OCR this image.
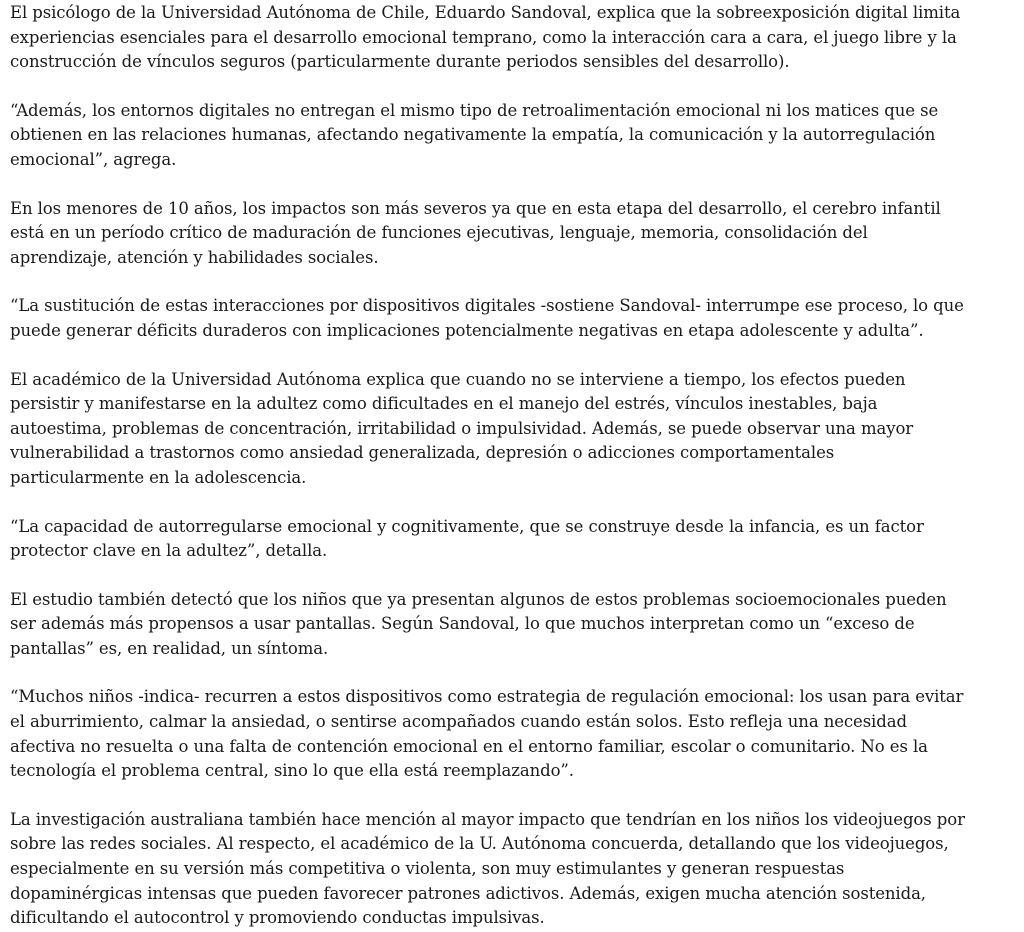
El psicólogo de la Universidad Autónoma de Chile, Eduardo Sandoval, explica que la sobreexposición digital limita
experiencias esenciales para el desarrollo emocional temprano, como la interacción cara a cara, el juego libre y la
construcción de vínculos seguros (particularmente durante periodos sensibles del desarrollo).

“Además, los entornos digitales no entregan el mismo tipo de retroalimentación emocional ni los matices que se
obtienen en las relaciones humanas, afectando negativamente la empatía, la comunicación y la autorregulación
emocional”, agrega.

En los menores de 10 años, los impactos son más severos ya que en esta etapa del desarrollo, el cerebro infantil
está en un período crítico de maduración de funciones ejecutivas, lenguaje, memoria, consolidación del
aprendizaje, atención y habilidades sociales.

“La sustitución de estas interacciones por dispositivos digitales -sostiene Sandoval- interrumpe ese proceso, lo que
puede generar déficits duraderos con implicaciones potencialmente negativas en etapa adolescente y adulta”.

El académico de la Universidad Autónoma explica que cuando no se interviene a tiempo, los efectos pueden
persistir y manifestarse en la adultez como dificultades en el manejo del estrés, vínculos inestables, baja
autoestima, problemas de concentración, irritabilidad o impulsividad. Además, se puede observar una mayor
vulnerabilidad a trastornos como ansiedad generalizada, depresión o adicciones comportamentales
particularmente en la adolescencia.

“La capacidad de autorregularse emocional y cognitivamente, que se construye desde la infancia, es un factor
protector clave en la adultez”, detalla.

El estudio también detectó que los niños que ya presentan algunos de estos problemas socioemocionales pueden
ser además más propensos a usar pantallas. Según Sandoval, lo que muchos interpretan como un “exceso de
pantallas” es, en realidad, un síntoma.

“Muchos niños -indica- recurren a estos dispositivos como estrategia de regulación emocional: los usan para evitar
el aburrimiento, calmar la ansiedad, o sentirse acompañados cuando están solos. Esto refleja una necesidad
afectiva no resuelta o una falta de contención emocional en el entorno familiar, escolar o comunitario. No es la
tecnología el problema central, sino lo que ella está reemplazando”.

La investigación australiana también hace mención al mayor impacto que tendrían en los niños los videojuegos por
sobre las redes sociales. Al respecto, el académico de la U. Autónoma concuerda, detallando que los videojuegos,
especialmente en su versión más competitiva o violenta, son muy estimulantes y generan respuestas
dopaminérgicas intensas que pueden favorecer patrones adictivos. Además, exigen mucha atención sostenida,
dificultando el autocontrol y promoviendo conductas impulsivas.
